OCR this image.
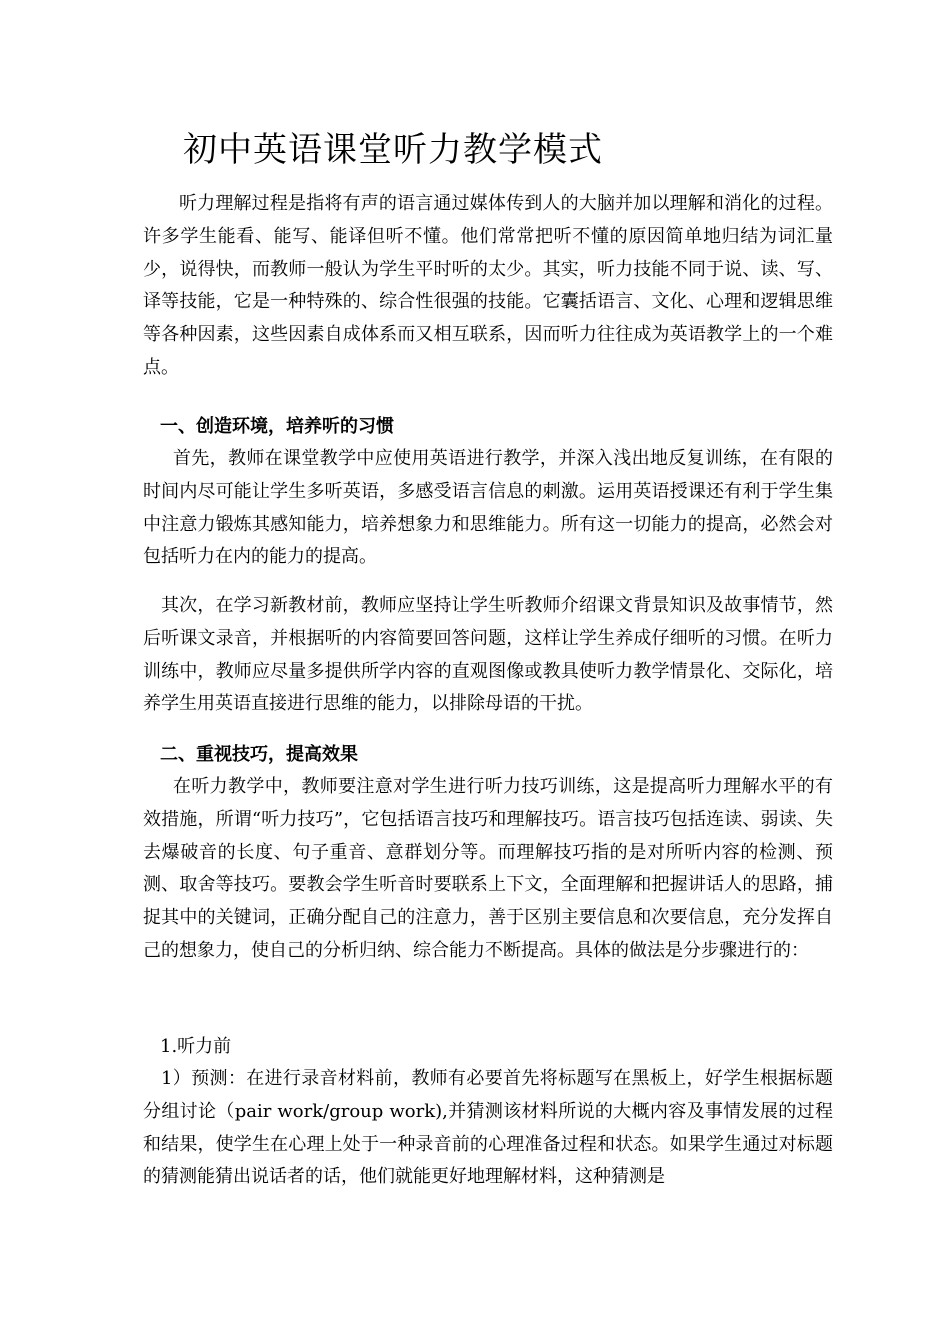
初中英语课堂听力教学模式

听力理解过程是指将有声的语言通过媒体传到人的大脑并加以理解和消化的过程。许多学生能看、能写、能译但听不懂。他们常常把听不懂的原因简单地归结为词汇量少，说得快，而教师一般认为学生平时听的太少。其实，听力技能不同于说、读、写、译等技能，它是一种特殊的、综合性很强的技能。它囊括语言、文化、心理和逻辑思维等各种因素，这些因素自成体系而又相互联系，因而听力往往成为英语教学上的一个难点。

一、创造环境，培养听的习惯

首先，教师在课堂教学中应使用英语进行教学，并深入浅出地反复训练，在有限的时间内尽可能让学生多听英语，多感受语言信息的刺激。运用英语授课还有利于学生集中注意力锻炼其感知能力，培养想象力和思维能力。所有这一切能力的提高，必然会对包括听力在内的能力的提高。

其次，在学习新教材前，教师应坚持让学生听教师介绍课文背景知识及故事情节，然后听课文录音，并根据听的内容简要回答问题，这样让学生养成仔细听的习惯。在听力训练中，教师应尽量多提供所学内容的直观图像或教具使听力教学情景化、交际化，培养学生用英语直接进行思维的能力，以排除母语的干扰。

二、重视技巧，提高效果

在听力教学中，教师要注意对学生进行听力技巧训练，这是提高听力理解水平的有效措施，所谓“听力技巧”，它包括语言技巧和理解技巧。语言技巧包括连读、弱读、失去爆破音的长度、句子重音、意群划分等。而理解技巧指的是对所听内容的检测、预测、取舍等技巧。要教会学生听音时要联系上下文，全面理解和把握讲话人的思路，捕捉其中的关键词，正确分配自己的注意力，善于区别主要信息和次要信息，充分发挥自己的想象力，使自己的分析归纳、综合能力不断提高。具体的做法是分步骤进行的：

1.听力前

1）预测：在进行录音材料前，教师有必要首先将标题写在黑板上，好学生根据标题分组讨论（pair work/group work),并猜测该材料所说的大概内容及事情发展的过程和结果，使学生在心理上处于一种录音前的心理准备过程和状态。如果学生通过对标题的猜测能猜出说话者的话，他们就能更好地理解材料，这种猜测是
